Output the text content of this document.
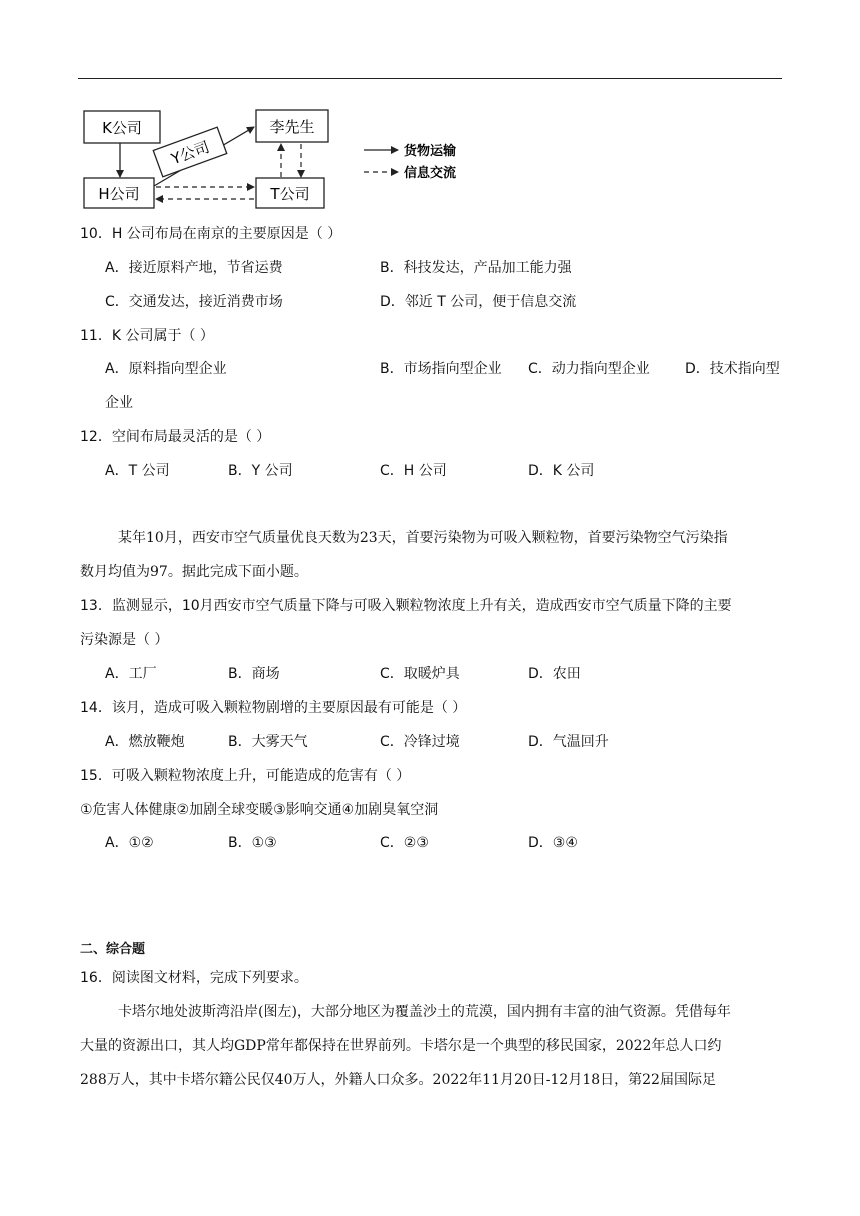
K公司
H公司
李先生
T公司
Y公司	货物运输
信息交流
10．H 公司布局在南京的主要原因是（ ）
A．接近原料产地，节省运费	B．科技发达，产品加工能力强
C．交通发达，接近消费市场	D．邻近 T 公司，便于信息交流
11．K 公司属于（ ）
A．原料指向型企业	B．市场指向型企业 C．动力指向型企业	D．技术指向型
企业
12．空间布局最灵活的是（ ）
A．T 公司	B．Y 公司	C．H 公司	D．K 公司
某年10月，西安市空气质量优良天数为23天，首要污染物为可吸入颗粒物，首要污染物空气污染指
数月均值为97。据此完成下面小题。
13．监测显示，10月西安市空气质量下降与可吸入颗粒物浓度上升有关，造成西安市空气质量下降的主要
污染源是（ ）
A．工厂	B．商场	C．取暖炉具	D．农田
14．该月，造成可吸入颗粒物剧增的主要原因最有可能是（ ）
A．燃放鞭炮	B．大雾天气	C．冷锋过境	D．气温回升
15．可吸入颗粒物浓度上升，可能造成的危害有（ ）
①危害人体健康②加剧全球变暖③影响交通④加剧臭氧空洞
A．①②	B．①③	C．②③	D．③④
二、综合题
16．阅读图文材料，完成下列要求。
卡塔尔地处波斯湾沿岸(图左)，大部分地区为覆盖沙土的荒漠，国内拥有丰富的油气资源。凭借每年
大量的资源出口，其人均GDP常年都保持在世界前列。卡塔尔是一个典型的移民国家，2022年总人口约
288万人，其中卡塔尔籍公民仅40万人，外籍人口众多。2022年11月20日-12月18日，第22届国际足
